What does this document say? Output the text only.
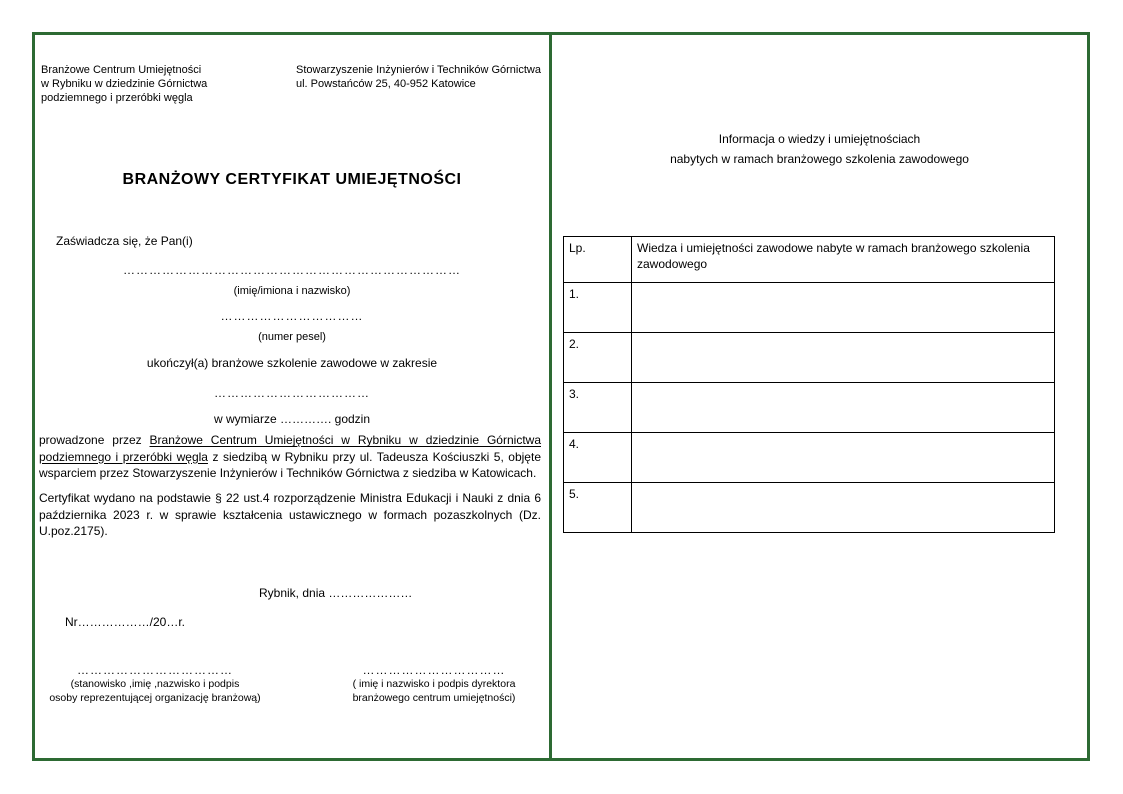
Branżowe Centrum Umiejętności
w Rybniku w dziedzinie Górnictwa
podziemnego i przeróbki węgla
Stowarzyszenie Inżynierów i Techników Górnictwa
ul. Powstańców 25, 40-952 Katowice
BRANŻOWY CERTYFIKAT UMIEJĘTNOŚCI
Zaświadcza się, że Pan(i)
……………………………………………………………………
(imię/imiona i nazwisko)
……………………………
(numer pesel)
ukończył(a) branżowe szkolenie zawodowe w zakresie
………………………………
w wymiarze …………. godzin
prowadzone przez Branżowe Centrum Umiejętności w Rybniku w dziedzinie Górnictwa podziemnego i przeróbki węgla z siedzibą w Rybniku przy ul. Tadeusza Kościuszki 5, objęte wsparciem przez Stowarzyszenie Inżynierów i Techników Górnictwa z siedziba w Katowicach.
Certyfikat wydano na podstawie § 22 ust.4 rozporządzenie Ministra Edukacji i Nauki z dnia 6 października 2023 r. w sprawie kształcenia ustawicznego w formach pozaszkolnych (Dz. U.poz.2175).
Rybnik, dnia …………………
Nr………………/20…r.
………………………………
(stanowisko ,imię ,nazwisko i podpis
osoby reprezentującej organizację branżową)
……………………………
( imię i nazwisko i podpis dyrektora
branżowego centrum umiejętności)
Informacja o wiedzy i umiejętnościach
nabytych w ramach branżowego szkolenia zawodowego
Lp.	Wiedza i umiejętności zawodowe nabyte w ramach branżowego szkolenia zawodowego
1.	
2.	
3.	
4.	
5.	
